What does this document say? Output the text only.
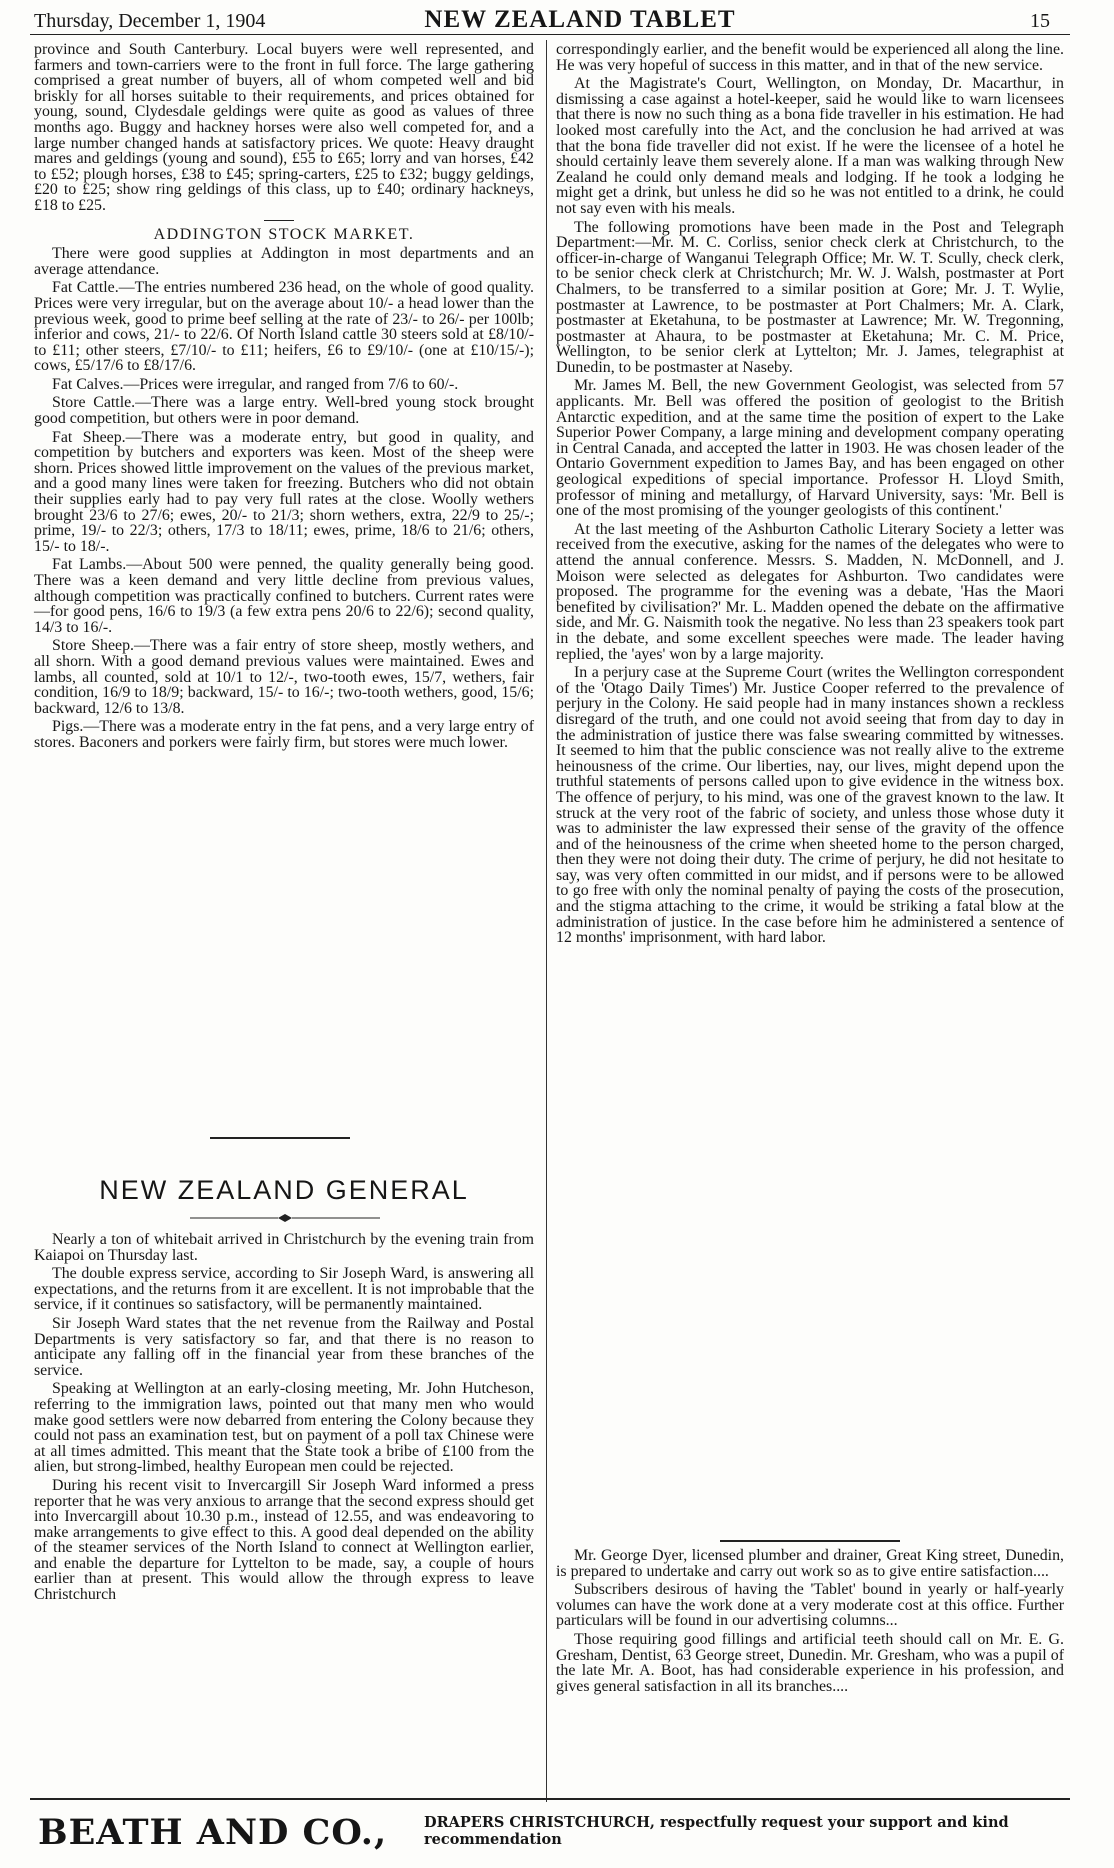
Thursday, December 1, 1904	NEW ZEALAND TABLET	15

province and South Canterbury. Local buyers were well represented, and farmers and town-carriers were to the front in full force. The large gathering comprised a great number of buyers, all of whom competed well and bid briskly for all horses suitable to their requirements, and prices obtained for young, sound, Clydesdale geldings were quite as good as values of three months ago. Buggy and hackney horses were also well competed for, and a large number changed hands at satisfactory prices. We quote: Heavy draught mares and geldings (young and sound), £55 to £65; lorry and van horses, £42 to £52; plough horses, £38 to £45; spring-carters, £25 to £32; buggy geldings, £20 to £25; show ring geldings of this class, up to £40; ordinary hackneys, £18 to £25.

ADDINGTON STOCK MARKET.

There were good supplies at Addington in most departments and an average attendance.

Fat Cattle.—The entries numbered 236 head, on the whole of good quality. Prices were very irregular, but on the average about 10/- a head lower than the previous week, good to prime beef selling at the rate of 23/- to 26/- per 100lb; inferior and cows, 21/- to 22/6. Of North Island cattle 30 steers sold at £8/10/- to £11; other steers, £7/10/- to £11; heifers, £6 to £9/10/- (one at £10/15/-); cows, £5/17/6 to £8/17/6.

Fat Calves.—Prices were irregular, and ranged from 7/6 to 60/-.

Store Cattle.—There was a large entry. Well-bred young stock brought good competition, but others were in poor demand.

Fat Sheep.—There was a moderate entry, but good in quality, and competition by butchers and exporters was keen. Most of the sheep were shorn. Prices showed little improvement on the values of the previous market, and a good many lines were taken for freezing. Butchers who did not obtain their supplies early had to pay very full rates at the close. Woolly wethers brought 23/6 to 27/6; ewes, 20/- to 21/3; shorn wethers, extra, 22/9 to 25/-; prime, 19/- to 22/3; others, 17/3 to 18/11; ewes, prime, 18/6 to 21/6; others, 15/- to 18/-.

Fat Lambs.—About 500 were penned, the quality generally being good. There was a keen demand and very little decline from previous values, although competition was practically confined to butchers. Current rates were—for good pens, 16/6 to 19/3 (a few extra pens 20/6 to 22/6); second quality, 14/3 to 16/-.

Store Sheep.—There was a fair entry of store sheep, mostly wethers, and all shorn. With a good demand previous values were maintained. Ewes and lambs, all counted, sold at 10/1 to 12/-, two-tooth ewes, 15/7, wethers, fair condition, 16/9 to 18/9; backward, 15/- to 16/-; two-tooth wethers, good, 15/6; backward, 12/6 to 13/8.

Pigs.—There was a moderate entry in the fat pens, and a very large entry of stores. Baconers and porkers were fairly firm, but stores were much lower.

NEW ZEALAND GENERAL

Nearly a ton of whitebait arrived in Christchurch by the evening train from Kaiapoi on Thursday last.

The double express service, according to Sir Joseph Ward, is answering all expectations, and the returns from it are excellent. It is not improbable that the service, if it continues so satisfactory, will be permanently maintained.

Sir Joseph Ward states that the net revenue from the Railway and Postal Departments is very satisfactory so far, and that there is no reason to anticipate any falling off in the financial year from these branches of the service.

Speaking at Wellington at an early-closing meeting, Mr. John Hutcheson, referring to the immigration laws, pointed out that many men who would make good settlers were now debarred from entering the Colony because they could not pass an examination test, but on payment of a poll tax Chinese were at all times admitted. This meant that the State took a bribe of £100 from the alien, but strong-limbed, healthy European men could be rejected.

During his recent visit to Invercargill Sir Joseph Ward informed a press reporter that he was very anxious to arrange that the second express should get into Invercargill about 10.30 p.m., instead of 12.55, and was endeavoring to make arrangements to give effect to this. A good deal depended on the ability of the steamer services of the North Island to connect at Wellington earlier, and enable the departure for Lyttelton to be made, say, a couple of hours earlier than at present. This would allow the through express to leave Christchurch

correspondingly earlier, and the benefit would be experienced all along the line. He was very hopeful of success in this matter, and in that of the new service.

At the Magistrate's Court, Wellington, on Monday, Dr. Macarthur, in dismissing a case against a hotel-keeper, said he would like to warn licensees that there is now no such thing as a bona fide traveller in his estimation. He had looked most carefully into the Act, and the conclusion he had arrived at was that the bona fide traveller did not exist. If he were the licensee of a hotel he should certainly leave them severely alone. If a man was walking through New Zealand he could only demand meals and lodging. If he took a lodging he might get a drink, but unless he did so he was not entitled to a drink, he could not say even with his meals.

The following promotions have been made in the Post and Telegraph Department:—Mr. M. C. Corliss, senior check clerk at Christchurch, to the officer-in-charge of Wanganui Telegraph Office; Mr. W. T. Scully, check clerk, to be senior check clerk at Christchurch; Mr. W. J. Walsh, postmaster at Port Chalmers, to be transferred to a similar position at Gore; Mr. J. T. Wylie, postmaster at Lawrence, to be postmaster at Port Chalmers; Mr. A. Clark, postmaster at Eketahuna, to be postmaster at Lawrence; Mr. W. Tregonning, postmaster at Ahaura, to be postmaster at Eketahuna; Mr. C. M. Price, Wellington, to be senior clerk at Lyttelton; Mr. J. James, telegraphist at Dunedin, to be postmaster at Naseby.

Mr. James M. Bell, the new Government Geologist, was selected from 57 applicants. Mr. Bell was offered the position of geologist to the British Antarctic expedition, and at the same time the position of expert to the Lake Superior Power Company, a large mining and development company operating in Central Canada, and accepted the latter in 1903. He was chosen leader of the Ontario Government expedition to James Bay, and has been engaged on other geological expeditions of special importance. Professor H. Lloyd Smith, professor of mining and metallurgy, of Harvard University, says: 'Mr. Bell is one of the most promising of the younger geologists of this continent.'

At the last meeting of the Ashburton Catholic Literary Society a letter was received from the executive, asking for the names of the delegates who were to attend the annual conference. Messrs. S. Madden, N. McDonnell, and J. Moison were selected as delegates for Ashburton. Two candidates were proposed. The programme for the evening was a debate, 'Has the Maori benefited by civilisation?' Mr. L. Madden opened the debate on the affirmative side, and Mr. G. Naismith took the negative. No less than 23 speakers took part in the debate, and some excellent speeches were made. The leader having replied, the 'ayes' won by a large majority.

In a perjury case at the Supreme Court (writes the Wellington correspondent of the 'Otago Daily Times') Mr. Justice Cooper referred to the prevalence of perjury in the Colony. He said people had in many instances shown a reckless disregard of the truth, and one could not avoid seeing that from day to day in the administration of justice there was false swearing committed by witnesses. It seemed to him that the public conscience was not really alive to the extreme heinousness of the crime. Our liberties, nay, our lives, might depend upon the truthful statements of persons called upon to give evidence in the witness box. The offence of perjury, to his mind, was one of the gravest known to the law. It struck at the very root of the fabric of society, and unless those whose duty it was to administer the law expressed their sense of the gravity of the offence and of the heinousness of the crime when sheeted home to the person charged, then they were not doing their duty. The crime of perjury, he did not hesitate to say, was very often committed in our midst, and if persons were to be allowed to go free with only the nominal penalty of paying the costs of the prosecution, and the stigma attaching to the crime, it would be striking a fatal blow at the administration of justice. In the case before him he administered a sentence of 12 months' imprisonment, with hard labor.

Mr. George Dyer, licensed plumber and drainer, Great King street, Dunedin, is prepared to undertake and carry out work so as to give entire satisfaction....

Subscribers desirous of having the 'Tablet' bound in yearly or half-yearly volumes can have the work done at a very moderate cost at this office. Further particulars will be found in our advertising columns...

Those requiring good fillings and artificial teeth should call on Mr. E. G. Gresham, Dentist, 63 George street, Dunedin. Mr. Gresham, who was a pupil of the late Mr. A. Boot, has had considerable experience in his profession, and gives general satisfaction in all its branches....

BEATH AND CO.,	DRAPERS CHRISTCHURCH, respectfully request your support and kind recommendation
